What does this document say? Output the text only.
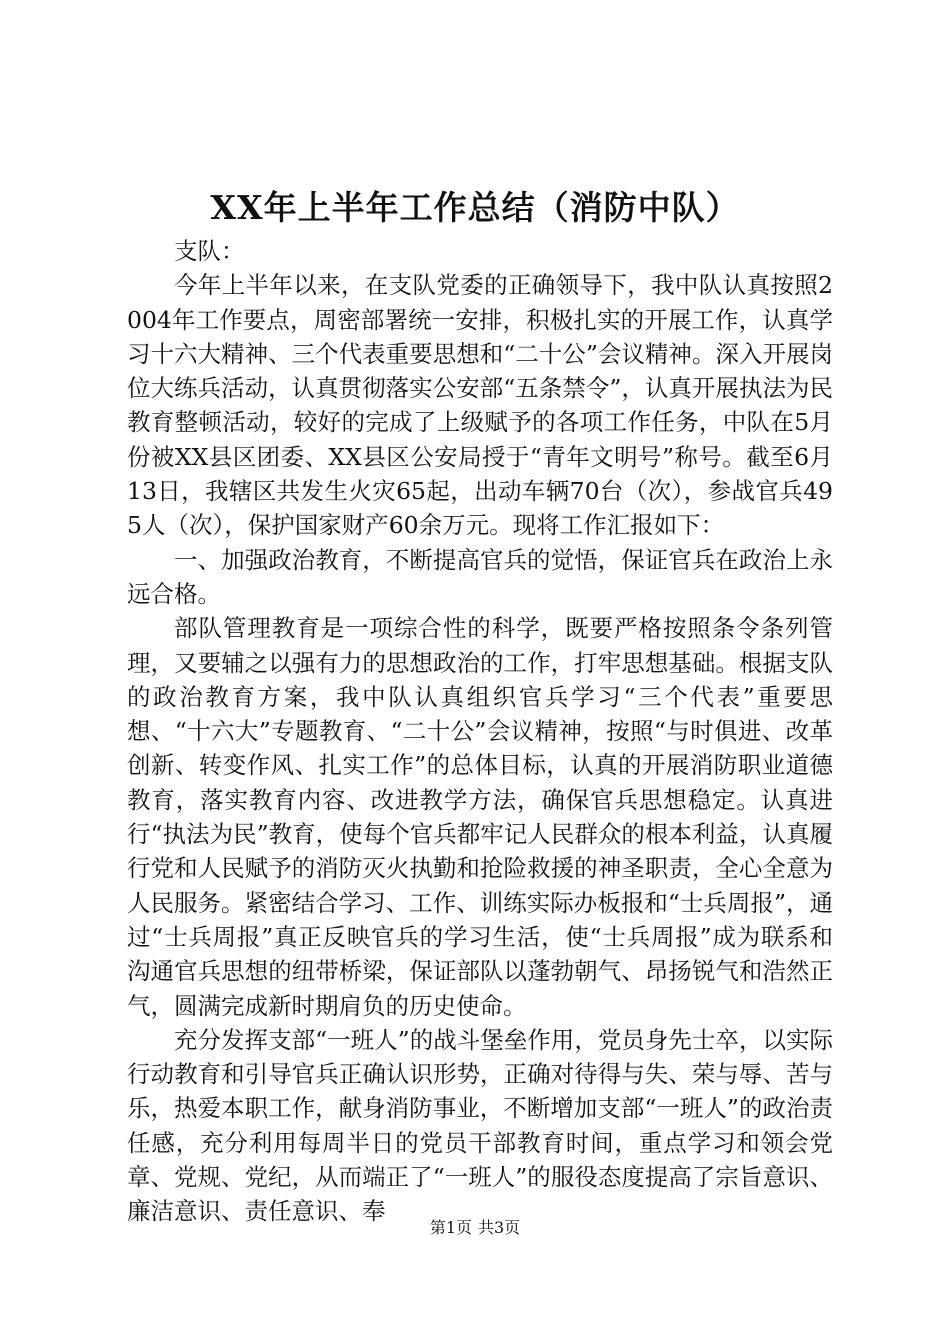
XX年上半年工作总结（消防中队）

支队：

今年上半年以来，在支队党委的正确领导下，我中队认真按照2004年工作要点，周密部署统一安排，积极扎实的开展工作，认真学习十六大精神、三个代表重要思想和“二十公”会议精神。深入开展岗位大练兵活动，认真贯彻落实公安部“五条禁令”，认真开展执法为民教育整顿活动，较好的完成了上级赋予的各项工作任务，中队在5月份被XX县区团委、XX县区公安局授于“青年文明号”称号。截至6月13日，我辖区共发生火灾65起，出动车辆70台（次），参战官兵495人（次），保护国家财产60余万元。现将工作汇报如下：

一、加强政治教育，不断提高官兵的觉悟，保证官兵在政治上永远合格。

部队管理教育是一项综合性的科学，既要严格按照条令条列管理，又要辅之以强有力的思想政治的工作，打牢思想基础。根据支队的政治教育方案，我中队认真组织官兵学习“三个代表”重要思想、“十六大”专题教育、“二十公”会议精神，按照“与时俱进、改革创新、转变作风、扎实工作”的总体目标，认真的开展消防职业道德教育，落实教育内容、改进教学方法，确保官兵思想稳定。认真进行“执法为民”教育，使每个官兵都牢记人民群众的根本利益，认真履行党和人民赋予的消防灭火执勤和抢险救援的神圣职责，全心全意为人民服务。紧密结合学习、工作、训练实际办板报和“士兵周报”，通过“士兵周报”真正反映官兵的学习生活，使“士兵周报”成为联系和沟通官兵思想的纽带桥梁，保证部队以蓬勃朝气、昂扬锐气和浩然正气，圆满完成新时期肩负的历史使命。

充分发挥支部“一班人”的战斗堡垒作用，党员身先士卒，以实际行动教育和引导官兵正确认识形势，正确对待得与失、荣与辱、苦与乐，热爱本职工作，献身消防事业，不断增加支部“一班人”的政治责任感，充分利用每周半日的党员干部教育时间，重点学习和领会党章、党规、党纪，从而端正了“一班人”的服役态度提高了宗旨意识、廉洁意识、责任意识、奉

第1页 共3页
